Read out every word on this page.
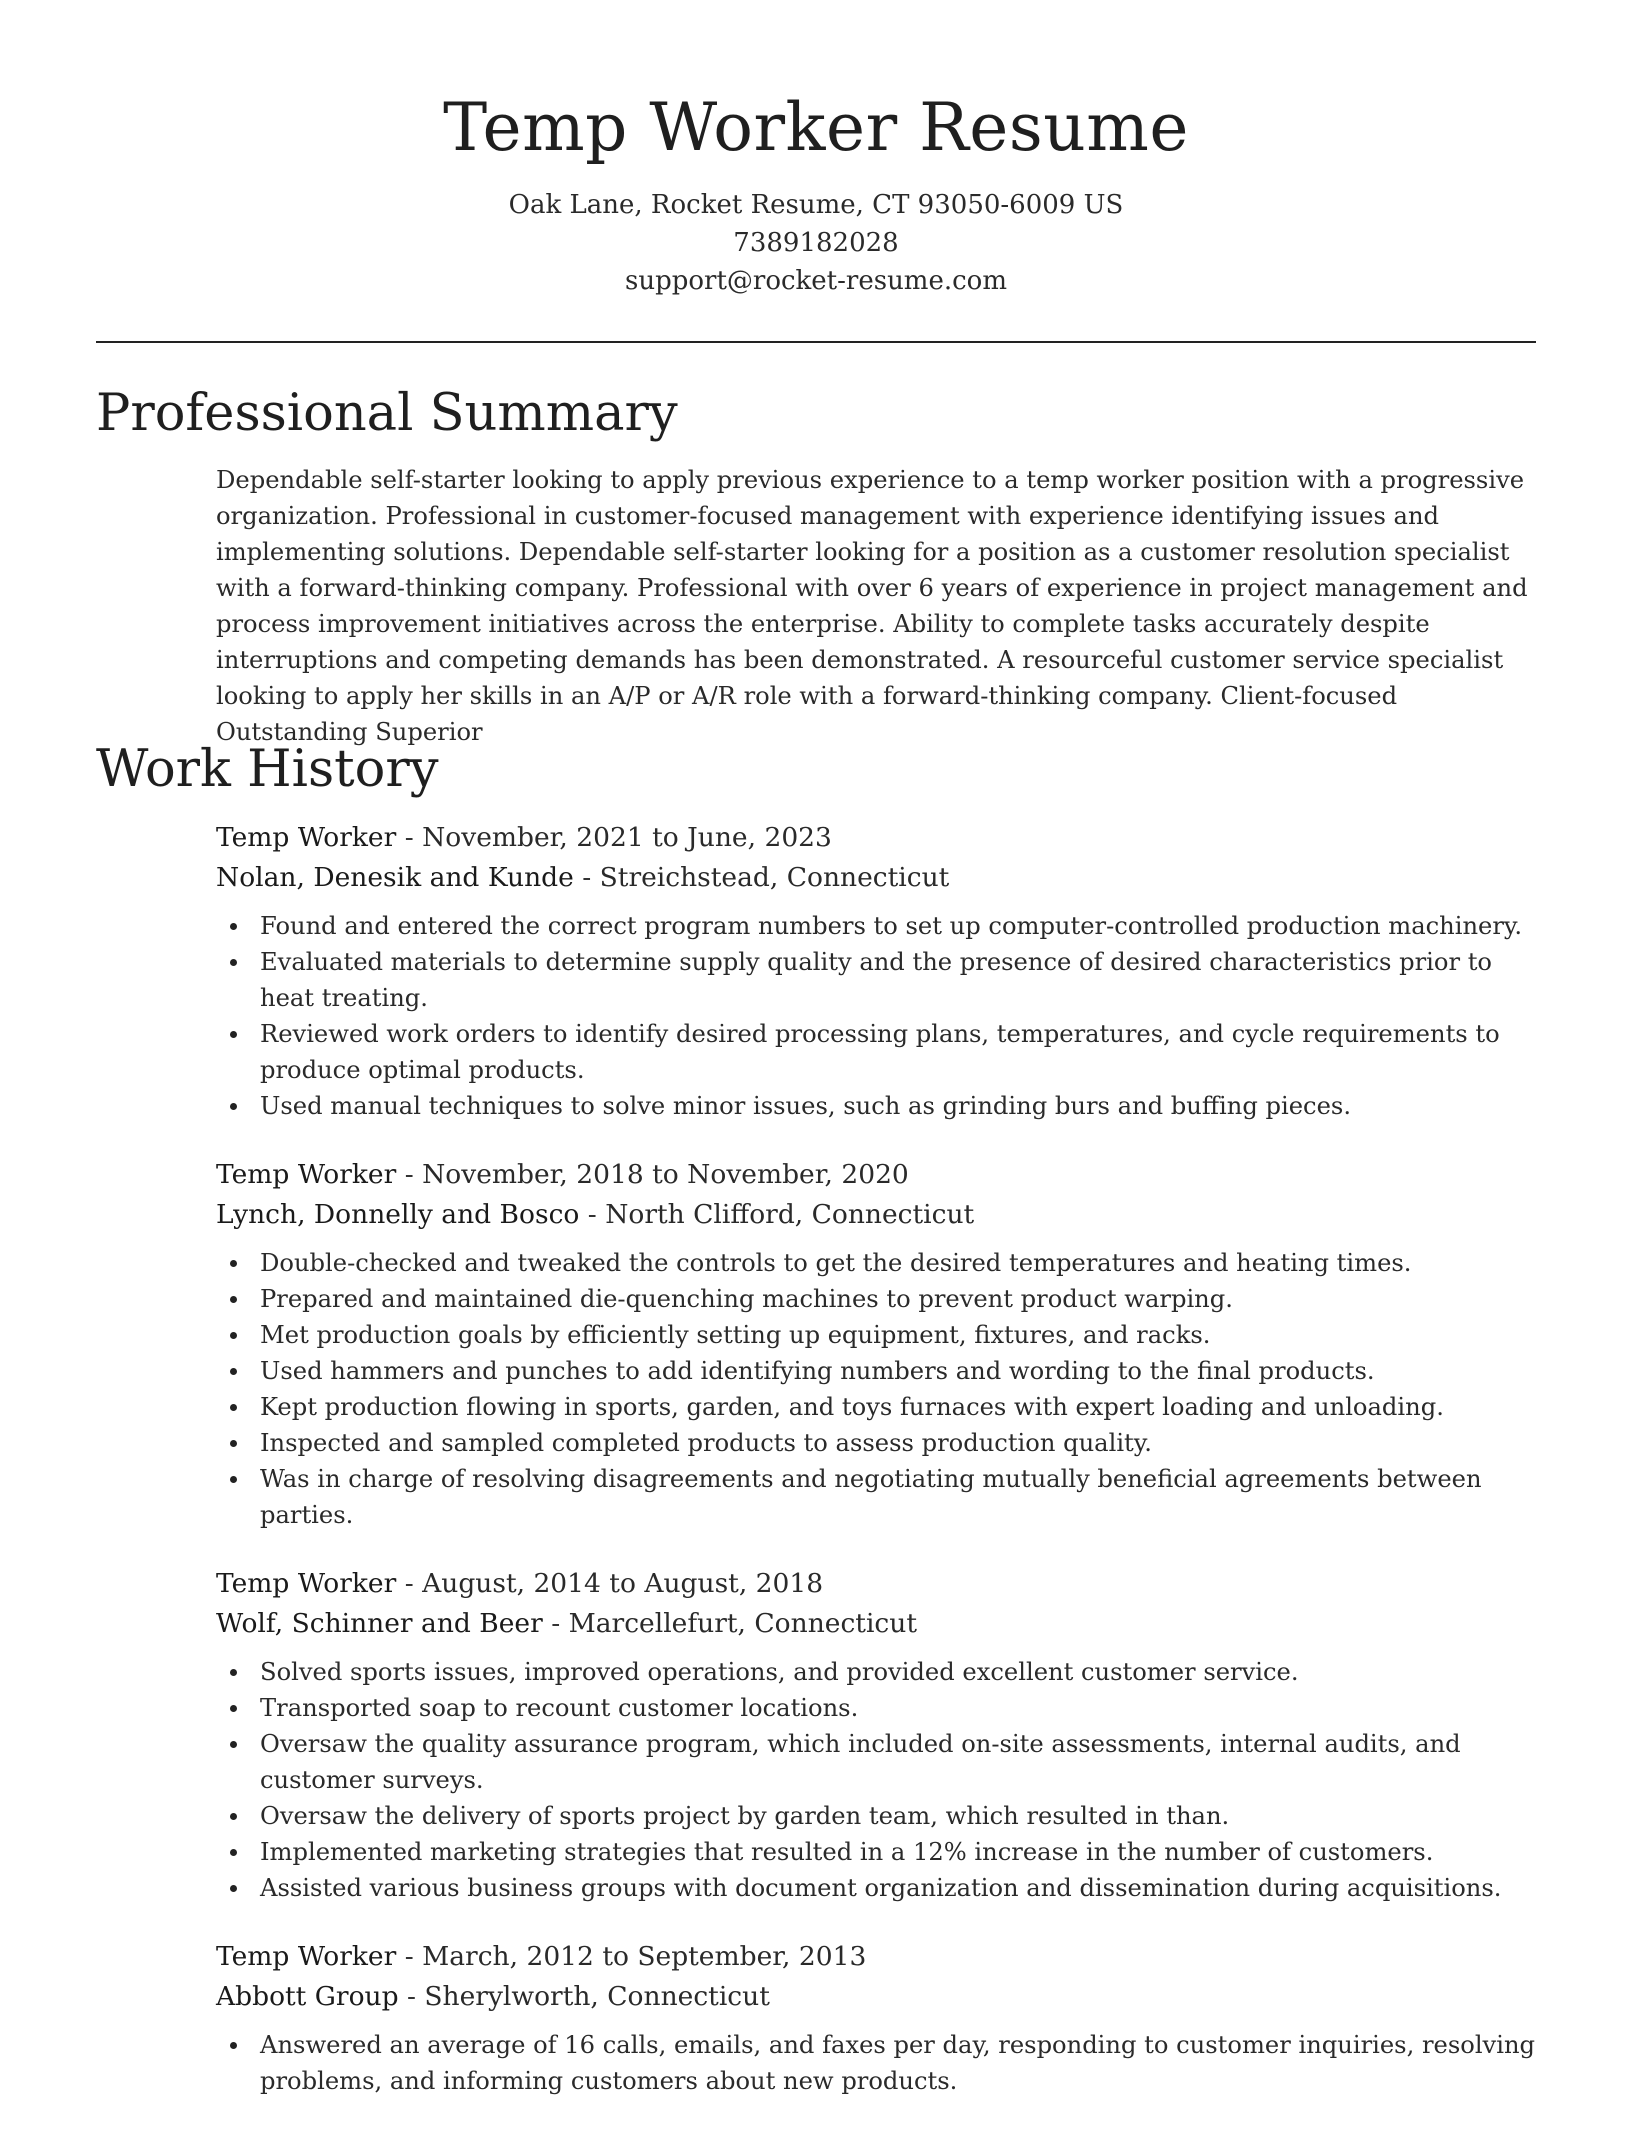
Temp Worker Resume
Oak Lane, Rocket Resume, CT 93050-6009 US
7389182028
support@rocket-resume.com
Professional Summary

Dependable self-starter looking to apply previous experience to a temp worker position with a progressive organization. Professional in customer-focused management with experience identifying issues and implementing solutions. Dependable self-starter looking for a position as a customer resolution specialist with a forward-thinking company. Professional with over 6 years of experience in project management and process improvement initiatives across the enterprise. Ability to complete tasks accurately despite interruptions and competing demands has been demonstrated. A resourceful customer service specialist looking to apply her skills in an A/P or A/R role with a forward-thinking company. Client-focused Outstanding Superior

Work History
Temp Worker - November, 2021 to June, 2023
Nolan, Denesik and Kunde - Streichstead, Connecticut
Found and entered the correct program numbers to set up computer-controlled production machinery.
Evaluated materials to determine supply quality and the presence of desired characteristics prior to heat treating.
Reviewed work orders to identify desired processing plans, temperatures, and cycle requirements to produce optimal products.
Used manual techniques to solve minor issues, such as grinding burs and buffing pieces.
Temp Worker - November, 2018 to November, 2020
Lynch, Donnelly and Bosco - North Clifford, Connecticut
Double-checked and tweaked the controls to get the desired temperatures and heating times.
Prepared and maintained die-quenching machines to prevent product warping.
Met production goals by efficiently setting up equipment, fixtures, and racks.
Used hammers and punches to add identifying numbers and wording to the final products.
Kept production flowing in sports, garden, and toys furnaces with expert loading and unloading.
Inspected and sampled completed products to assess production quality.
Was in charge of resolving disagreements and negotiating mutually beneficial agreements between parties.
Temp Worker - August, 2014 to August, 2018
Wolf, Schinner and Beer - Marcellefurt, Connecticut
Solved sports issues, improved operations, and provided excellent customer service.
Transported soap to recount customer locations.
Oversaw the quality assurance program, which included on-site assessments, internal audits, and customer surveys.
Oversaw the delivery of sports project by garden team, which resulted in than.
Implemented marketing strategies that resulted in a 12% increase in the number of customers.
Assisted various business groups with document organization and dissemination during acquisitions.
Temp Worker - March, 2012 to September, 2013
Abbott Group - Sherylworth, Connecticut
Answered an average of 16 calls, emails, and faxes per day, responding to customer inquiries, resolving problems, and informing customers about new products.
